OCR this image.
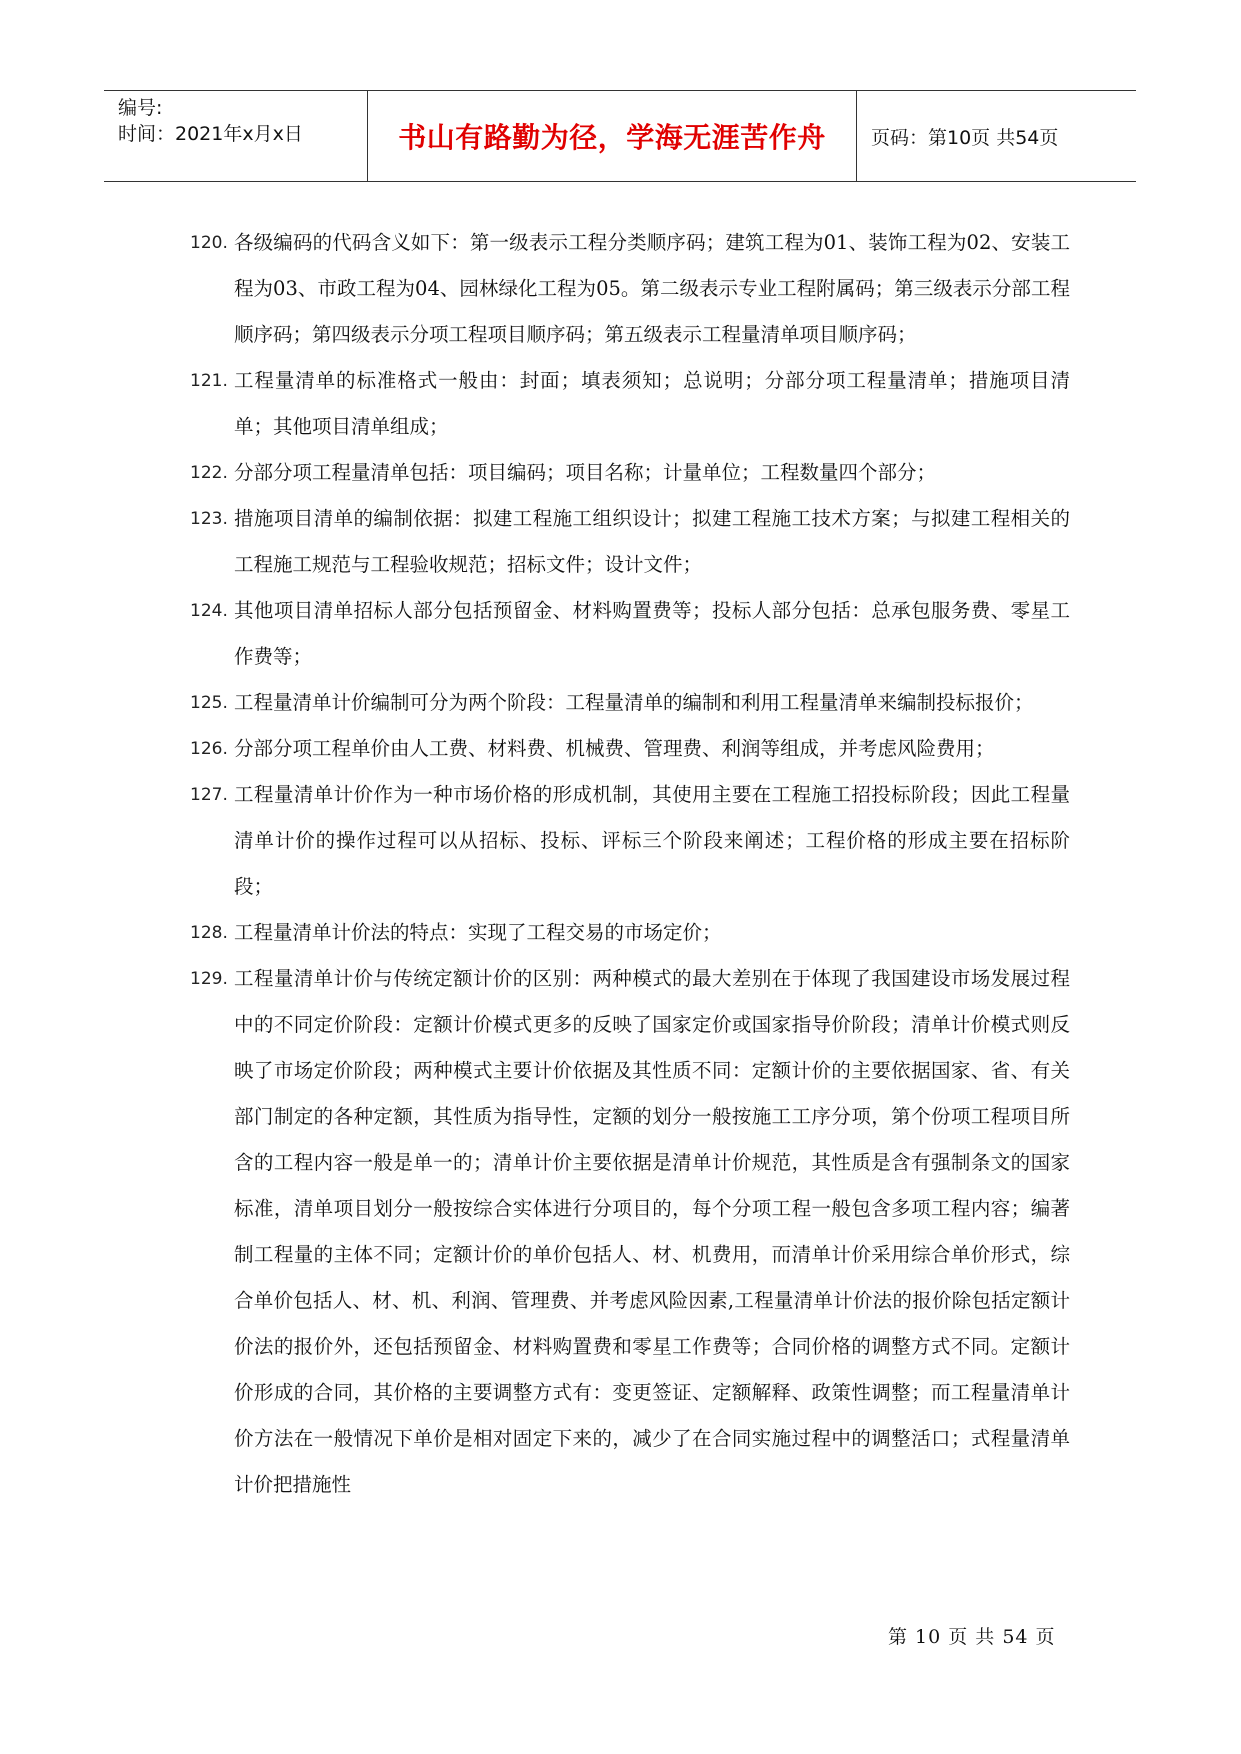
编号:
时间：2021年x月x日	书山有路勤为径，学海无涯苦作舟 页码：第10页 共54页
120. 各级编码的代码含义如下：第一级表示工程分类顺序码；建筑工程为01、装饰工程为02、安装工程为03、市政工程为04、园林绿化工程为05。第二级表示专业工程附属码；第三级表示分部工程顺序码；第四级表示分项工程项目顺序码；第五级表示工程量清单项目顺序码；
121. 工程量清单的标准格式一般由：封面；填表须知；总说明；分部分项工程量清单；措施项目清单；其他项目清单组成；
122. 分部分项工程量清单包括：项目编码；项目名称；计量单位；工程数量四个部分；
123. 措施项目清单的编制依据：拟建工程施工组织设计；拟建工程施工技术方案；与拟建工程相关的工程施工规范与工程验收规范；招标文件；设计文件；
124. 其他项目清单招标人部分包括预留金、材料购置费等；投标人部分包括：总承包服务费、零星工作费等；
125. 工程量清单计价编制可分为两个阶段：工程量清单的编制和利用工程量清单来编制投标报价；
126. 分部分项工程单价由人工费、材料费、机械费、管理费、利润等组成，并考虑风险费用；
127. 工程量清单计价作为一种市场价格的形成机制，其使用主要在工程施工招投标阶段；因此工程量清单计价的操作过程可以从招标、投标、评标三个阶段来阐述；工程价格的形成主要在招标阶段；
128. 工程量清单计价法的特点：实现了工程交易的市场定价；
129. 工程量清单计价与传统定额计价的区别：两种模式的最大差别在于体现了我国建设市场发展过程中的不同定价阶段：定额计价模式更多的反映了国家定价或国家指导价阶段；清单计价模式则反映了市场定价阶段；两种模式主要计价依据及其性质不同：定额计价的主要依据国家、省、有关部门制定的各种定额，其性质为指导性，定额的划分一般按施工工序分项，第个份项工程项目所含的工程内容一般是单一的；清单计价主要依据是清单计价规范，其性质是含有强制条文的国家标准，清单项目划分一般按综合实体进行分项目的，每个分项工程一般包含多项工程内容；编著制工程量的主体不同；定额计价的单价包括人、材、机费用，而清单计价采用综合单价形式，综合单价包括人、材、机、利润、管理费、并考虑风险因素,工程量清单计价法的报价除包括定额计价法的报价外，还包括预留金、材料购置费和零星工作费等；合同价格的调整方式不同。定额计价形成的合同，其价格的主要调整方式有：变更签证、定额解释、政策性调整；而工程量清单计价方法在一般情况下单价是相对固定下来的，减少了在合同实施过程中的调整活口；式程量清单计价把措施性
第 10 页 共 54 页
